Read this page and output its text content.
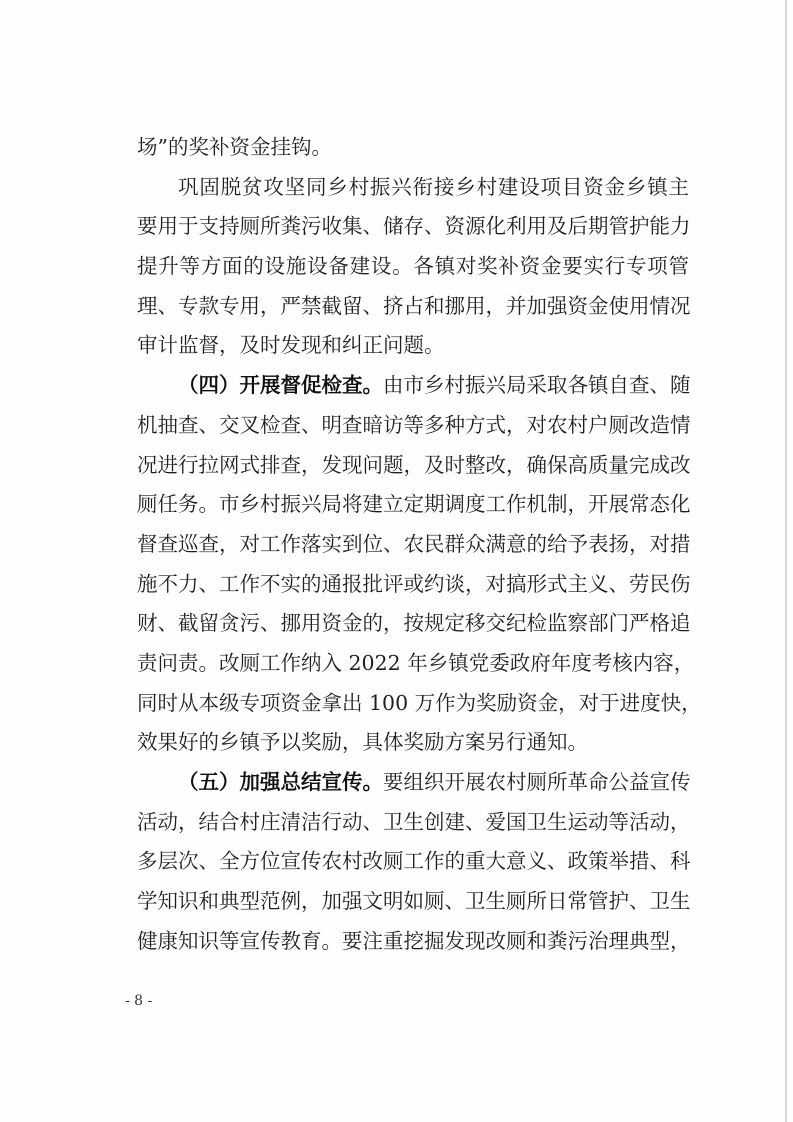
场”的奖补资金挂钩。
巩固脱贫攻坚同乡村振兴衔接乡村建设项目资金乡镇主
要用于支持厕所粪污收集、储存、资源化利用及后期管护能力
提升等方面的设施设备建设。各镇对奖补资金要实行专项管
理、专款专用，严禁截留、挤占和挪用，并加强资金使用情况
审计监督，及时发现和纠正问题。
（四）开展督促检查。由市乡村振兴局采取各镇自查、随
机抽查、交叉检查、明查暗访等多种方式，对农村户厕改造情
况进行拉网式排查，发现问题，及时整改，确保高质量完成改
厕任务。市乡村振兴局将建立定期调度工作机制，开展常态化
督查巡查，对工作落实到位、农民群众满意的给予表扬，对措
施不力、工作不实的通报批评或约谈，对搞形式主义、劳民伤
财、截留贪污、挪用资金的，按规定移交纪检监察部门严格追
责问责。改厕工作纳入 2022 年乡镇党委政府年度考核内容，
同时从本级专项资金拿出 100 万作为奖励资金，对于进度快，
效果好的乡镇予以奖励，具体奖励方案另行通知。
（五）加强总结宣传。要组织开展农村厕所革命公益宣传
活动，结合村庄清洁行动、卫生创建、爱国卫生运动等活动，
多层次、全方位宣传农村改厕工作的重大意义、政策举措、科
学知识和典型范例，加强文明如厕、卫生厕所日常管护、卫生
健康知识等宣传教育。要注重挖掘发现改厕和粪污治理典型，
- 8 -
